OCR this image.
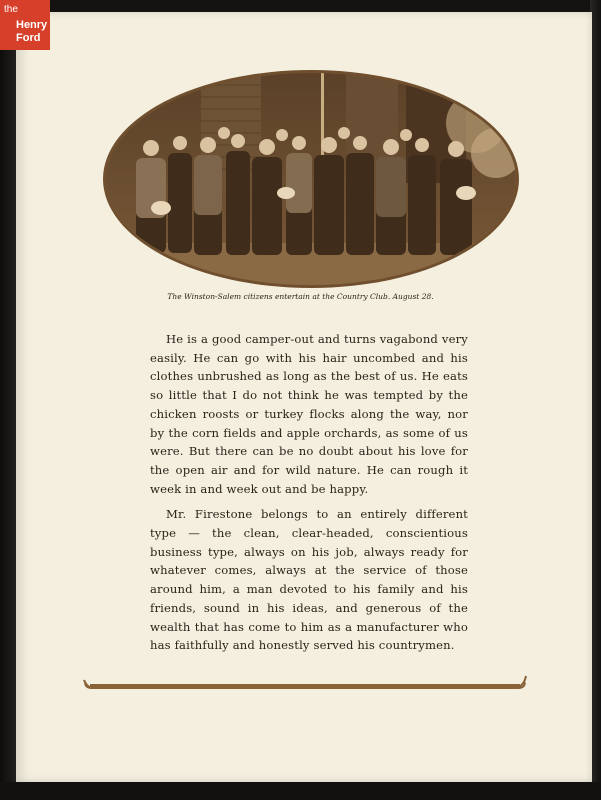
the
Henry
Ford
The Winston-Salem citizens entertain at the Country Club. August 28.

He is a good camper-out and turns vagabond very easily. He can go with his hair uncombed and his clothes unbrushed as long as the best of us. He eats so little that I do not think he was tempted by the chicken roosts or turkey flocks along the way, nor by the corn fields and apple orchards, as some of us were. But there can be no doubt about his love for the open air and for wild nature. He can rough it week in and week out and be happy.

Mr. Firestone belongs to an entirely different type — the clean, clear-headed, conscientious business type, always on his job, always ready for whatever comes, always at the service of those around him, a man devoted to his family and his friends, sound in his ideas, and generous of the wealth that has come to him as a manufacturer who has faithfully and honestly served his countrymen.
